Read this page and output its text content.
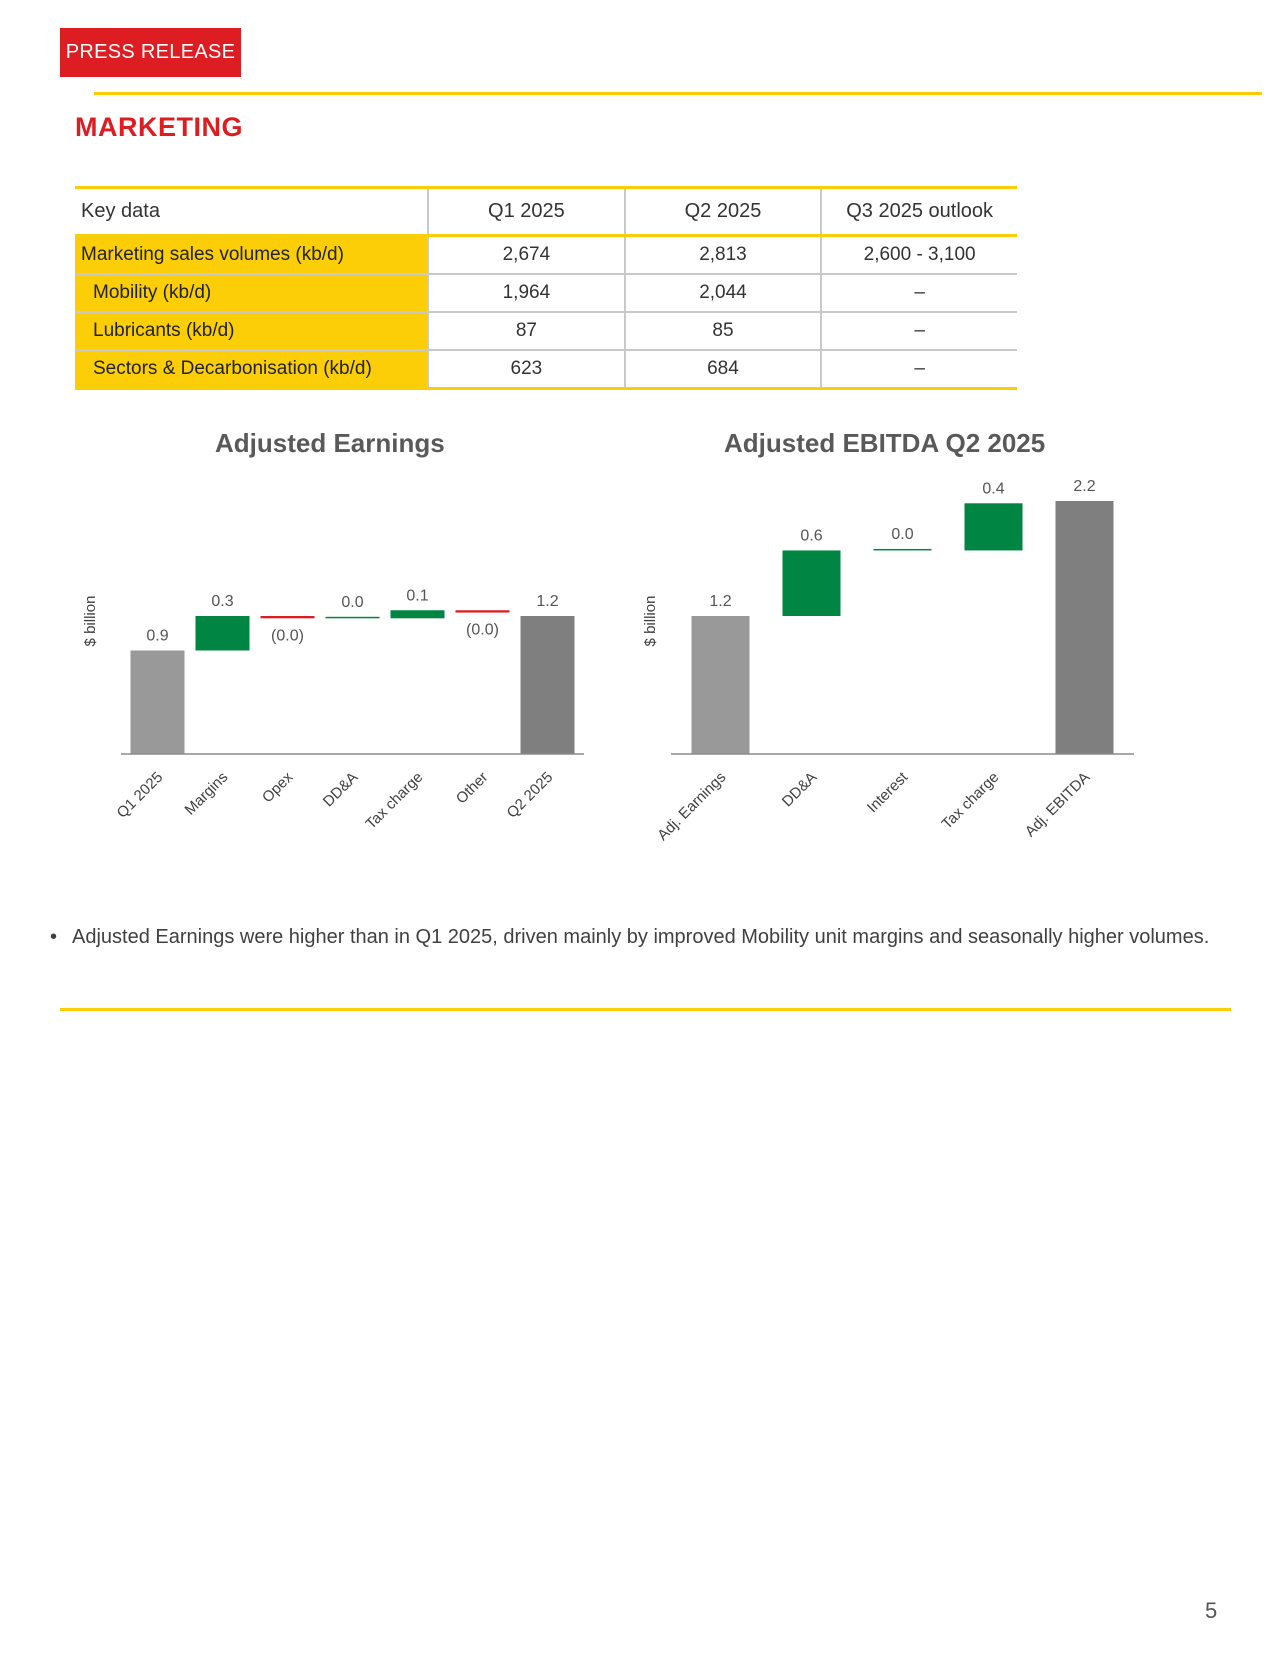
PRESS RELEASE
MARKETING
Key data	Q1 2025	Q2 2025	Q3 2025 outlook
Marketing sales volumes (kb/d)	2,674	2,813	2,600 - 3,100
Mobility (kb/d)	1,964	2,044	–
Lubricants (kb/d)	87	85	–
Sectors & Decarbonisation (kb/d)	623	684	–
Adjusted Earnings
$ billion	0.9
Q1 2025
0.3
Margins
(0.0)
Opex
0.0
DD&A
0.1
Tax charge
(0.0)
Other
1.2
Q2 2025
Adjusted EBITDA Q2 2025
$ billion	1.2
Adj. Earnings
0.6
DD&A
0.0
Interest
0.4
Tax charge
2.2
Adj. EBITDA
• Adjusted Earnings were higher than in Q1 2025, driven mainly by improved Mobility unit margins and seasonally higher volumes.
5
